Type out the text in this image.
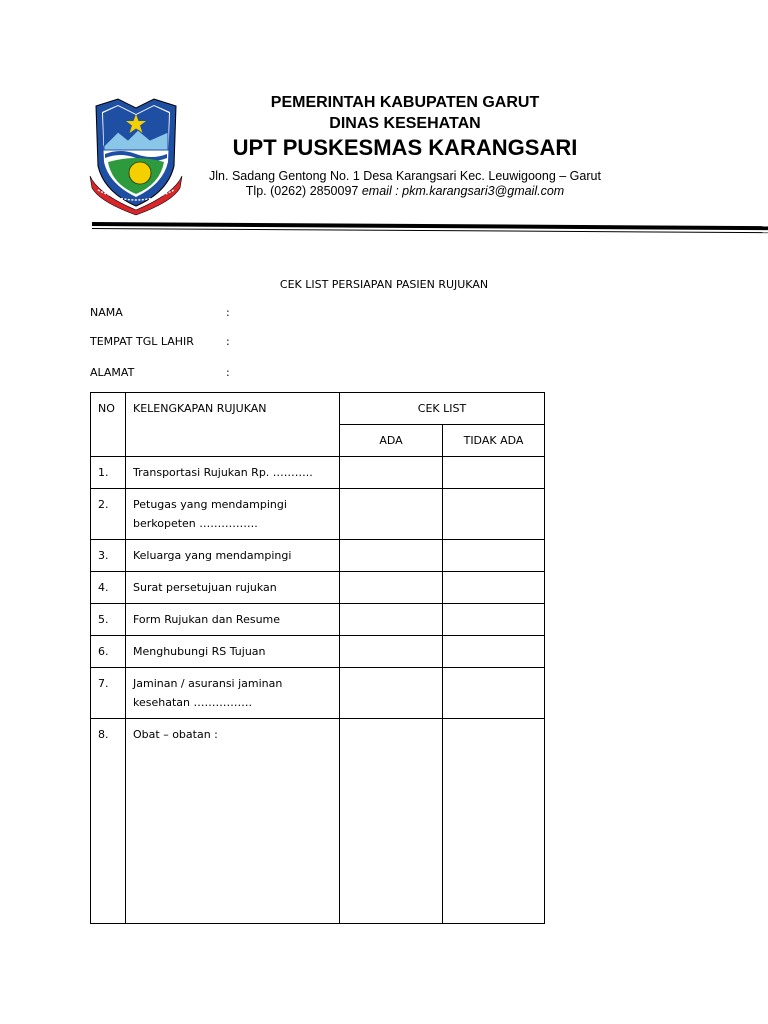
PEMERINTAH KABUPATEN GARUT
DINAS KESEHATAN
UPT PUSKESMAS KARANGSARI
Jln. Sadang Gentong No. 1 Desa Karangsari Kec. Leuwigoong – Garut
Tlp. (0262) 2850097 email : pkm.karangsari3@gmail.com
CEK LIST PERSIAPAN PASIEN RUJUKAN
NAMA	:
TEMPAT TGL LAHIR	:
ALAMAT	:
NO	KELENGKAPAN RUJUKAN	CEK LIST	
		ADA	TIDAK ADA
1.	Transportasi Rujukan Rp. ………..		
2.	Petugas yang mendampingi
berkopeten …………….		
3.	Keluarga yang mendampingi		
4.	Surat persetujuan rujukan		
5.	Form Rujukan dan Resume		
6.	Menghubungi RS Tujuan		
7.	Jaminan / asuransi jaminan
kesehatan …………….		
8.	Obat – obatan :		
